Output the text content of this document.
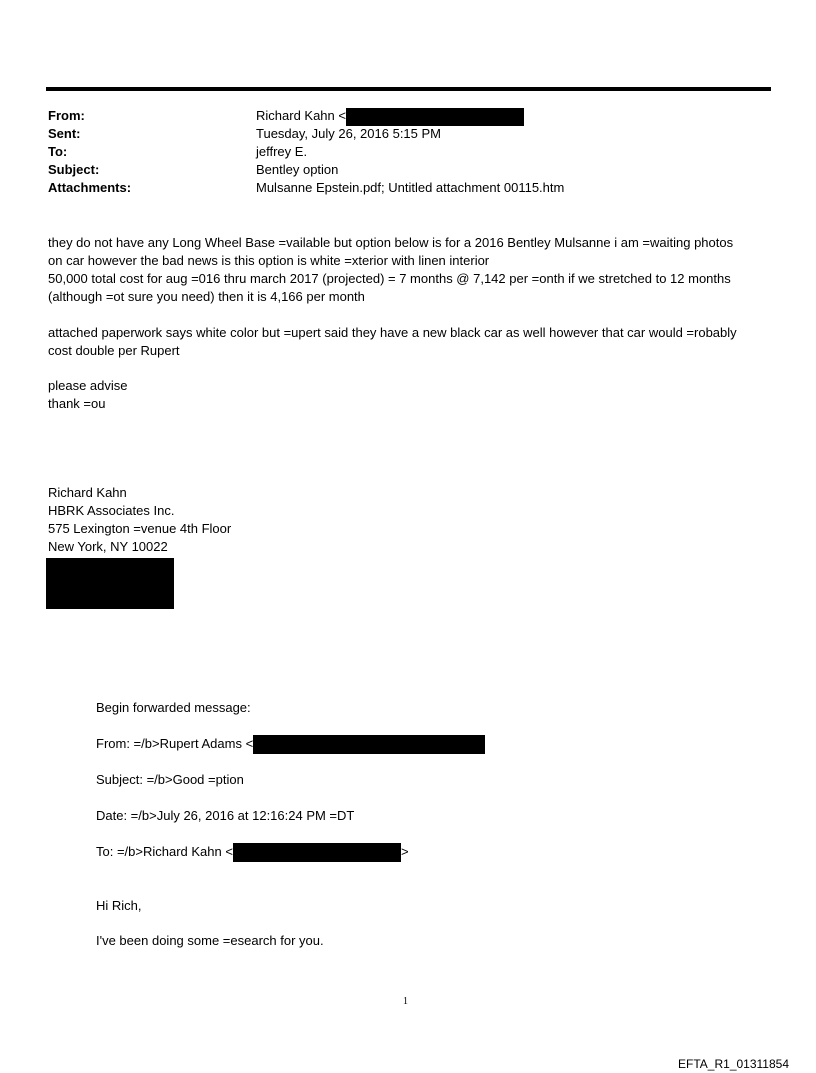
From:	Richard Kahn <
Sent:	Tuesday, July 26, 2016 5:15 PM
To:	jeffrey E.
Subject:	Bentley option
Attachments:	Mulsanne Epstein.pdf; Untitled attachment 00115.htm

they do not have any Long Wheel Base =vailable but option below is for a 2016 Bentley Mulsanne i am =waiting photos

on car however the bad news is this option is white =xterior with linen interior

50,000 total cost for aug =016 thru march 2017 (projected) = 7 months @ 7,142 per =onth if we stretched to 12 months

(although =ot sure you need) then it is 4,166 per month

attached paperwork says white color but =upert said they have a new black car as well however that car would =robably

cost double per Rupert

please advise

thank =ou

Richard Kahn

HBRK Associates Inc.

575 Lexington =venue 4th Floor

New York, NY 10022

Begin forwarded message:
From: =/b>Rupert Adams <
Subject: =/b>Good =ption
Date: =/b>July 26, 2016 at 12:16:24 PM =DT
To: =/b>Richard Kahn <	>
Hi Rich,
I've been doing some =esearch for you.
1
EFTA_R1_01311854
